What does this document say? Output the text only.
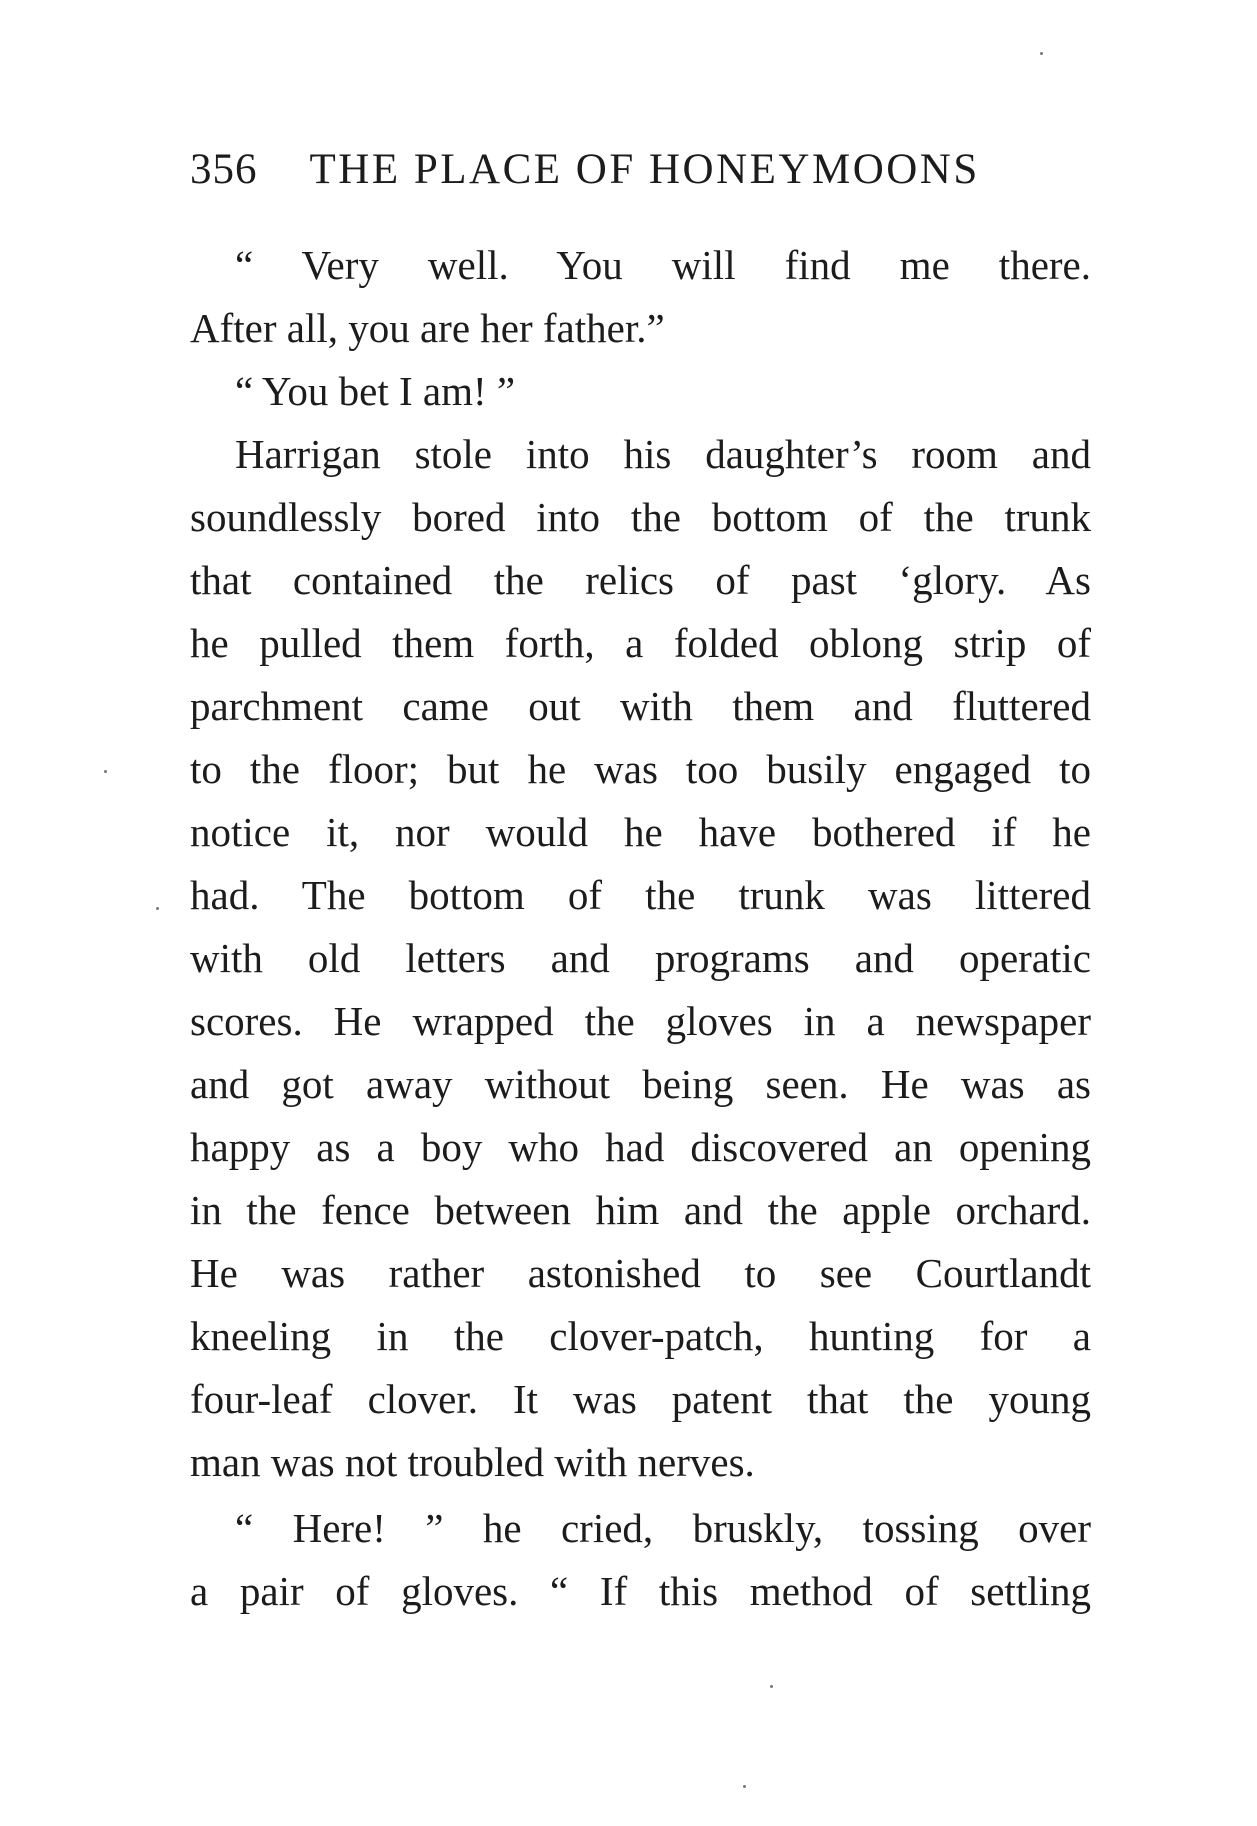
356 THE PLACE OF HONEYMOONS
“ Very well. You will find me there.
After all, you are her father.”
“ You bet I am! ”
Harrigan stole into his daughter’s room and
soundlessly bored into the bottom of the trunk
that contained the relics of past ‘glory. As
he pulled them forth, a folded oblong strip of
parchment came out with them and fluttered
to the floor; but he was too busily engaged to
notice it, nor would he have bothered if he
had. The bottom of the trunk was littered
with old letters and programs and operatic
scores. He wrapped the gloves in a newspaper
and got away without being seen. He was as
happy as a boy who had discovered an opening
in the fence between him and the apple orchard.
He was rather astonished to see Courtlandt
kneeling in the clover-patch, hunting for a
four-leaf clover. It was patent that the young
man was not troubled with nerves.
“ Here! ” he cried, bruskly, tossing over
a pair of gloves. “ If this method of settling
